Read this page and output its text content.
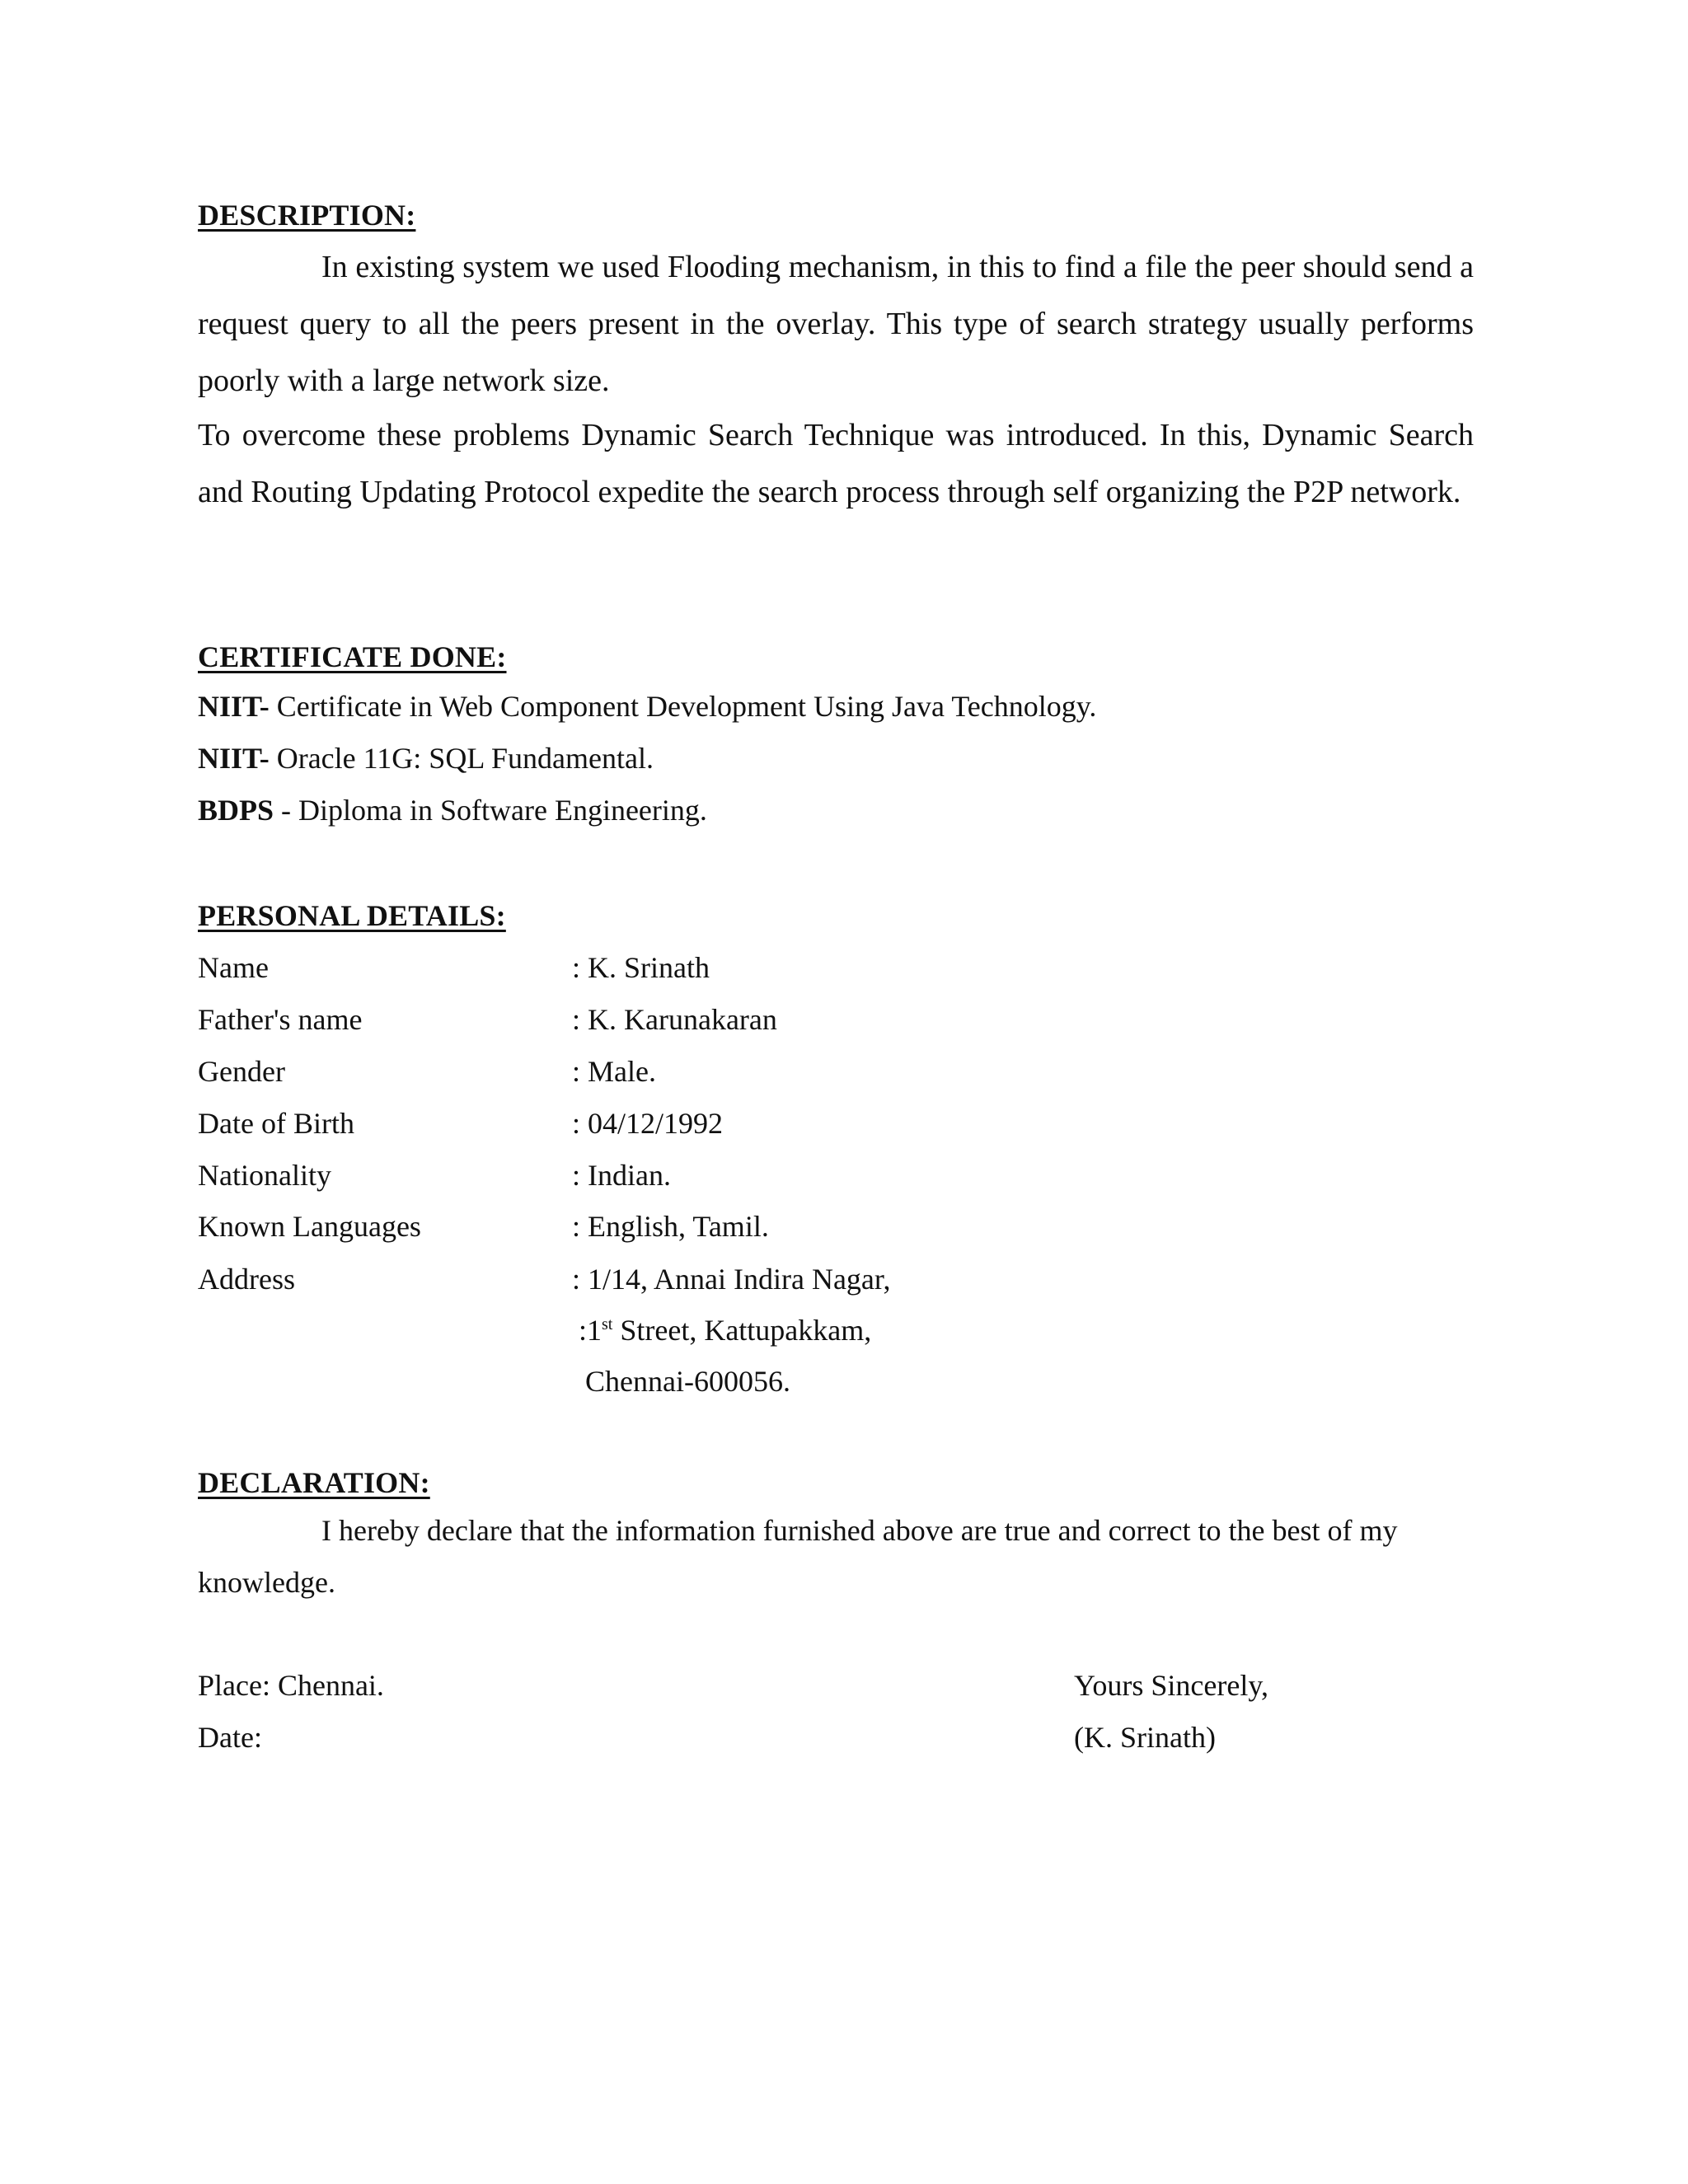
DESCRIPTION:

In existing system we used Flooding mechanism, in this to find a file the peer should send a request query to all the peers present in the overlay. This type of search strategy usually performs poorly with a large network size.

To overcome these problems Dynamic Search Technique was introduced. In this, Dynamic Search and Routing Updating Protocol expedite the search process through self organizing the P2P network.

CERTIFICATE DONE:
NIIT- Certificate in Web Component Development Using Java Technology.
NIIT- Oracle 11G: SQL Fundamental.
BDPS - Diploma in Software Engineering.
PERSONAL DETAILS:
Name	: K. Srinath
Father's name	: K. Karunakaran
Gender	: Male.
Date of Birth	: 04/12/1992
Nationality	: Indian.
Known Languages	: English, Tamil.
Address	: 1/14, Annai Indira Nagar,
:1st Street, Kattupakkam,
Chennai-600056.
DECLARATION:

I hereby declare that the information furnished above are true and correct to the best of my knowledge.

Place: Chennai.
Date:
Yours Sincerely,
(K. Srinath)
